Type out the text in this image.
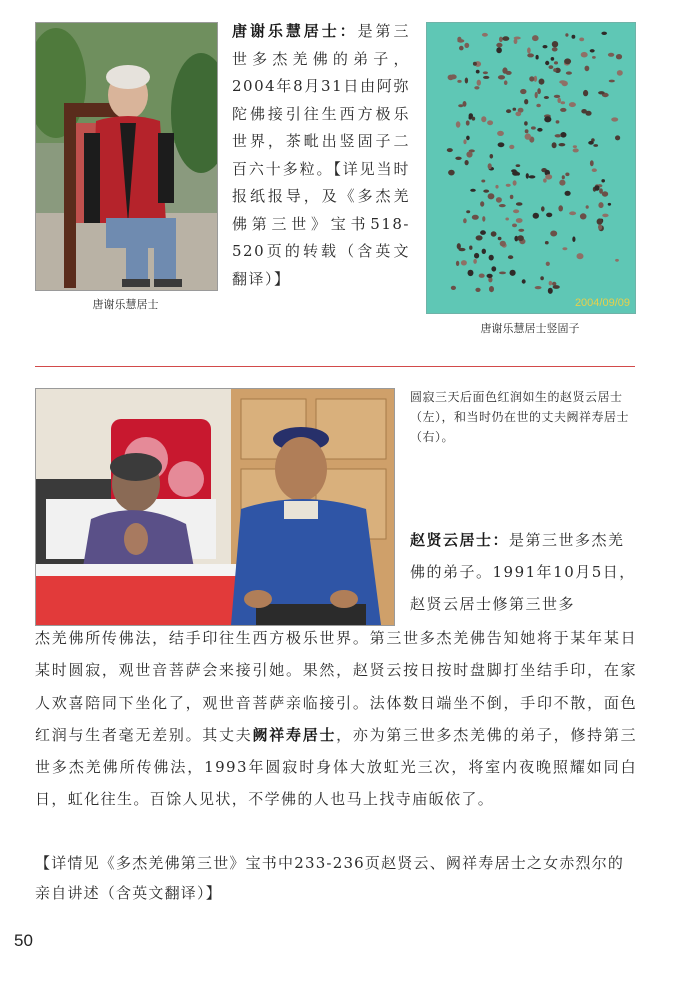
唐谢乐慧居士

唐谢乐慧居士：是第三世多杰羌佛的弟子，2004年8月31日由阿弥陀佛接引往生西方极乐世界，茶毗出竖固子二百六十多粒。【详见当时报纸报导，及《多杰羌佛第三世》宝书518-520页的转载（含英文翻译）】

2004/09/09
唐谢乐慧居士竖固子

圆寂三天后面色红润如生的赵贤云居士（左），和当时仍在世的丈夫阙祥寿居士（右）。

赵贤云居士：是第三世多杰羌佛的弟子。1991年10月5日，赵贤云居士修第三世多

杰羌佛所传佛法，结手印往生西方极乐世界。第三世多杰羌佛告知她将于某年某日某时圆寂，观世音菩萨会来接引她。果然，赵贤云按日按时盘脚打坐结手印，在家人欢喜陪同下坐化了，观世音菩萨亲临接引。法体数日端坐不倒，手印不散，面色红润与生者毫无差别。其丈夫阙祥寿居士，亦为第三世多杰羌佛的弟子，修持第三世多杰羌佛所传佛法，1993年圆寂时身体大放虹光三次，将室内夜晚照耀如同白日，虹化往生。百馀人见状，不学佛的人也马上找寺庙皈依了。

【详情见《多杰羌佛第三世》宝书中233-236页赵贤云、阙祥寿居士之女赤烈尔的亲自讲述（含英文翻译）】

50
